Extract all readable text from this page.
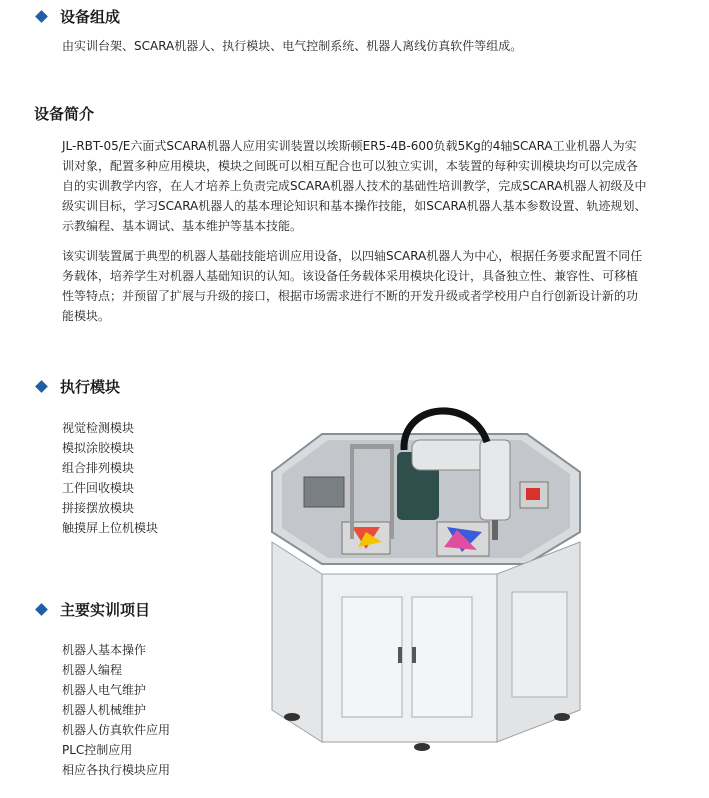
设备组成
由实训台架、SCARA机器人、执行模块、电气控制系统、机器人离线仿真软件等组成。
设备简介
JL-RBT-05/E六面式SCARA机器人应用实训装置以埃斯顿ER5-4B-600负载5Kg的4轴SCARA工业机器人为实训对象，配置多种应用模块，模块之间既可以相互配合也可以独立实训，本装置的每种实训模块均可以完成各自的实训教学内容，在人才培养上负责完成SCARA机器人技术的基础性培训教学，完成SCARA机器人初级及中级实训目标，学习SCARA机器人的基本理论知识和基本操作技能，如SCARA机器人基本参数设置、轨迹规划、示教编程、基本调试、基本维护等基本技能。
该实训装置属于典型的机器人基础技能培训应用设备，以四轴SCARA机器人为中心，根据任务要求配置不同任务载体，培养学生对机器人基础知识的认知。该设备任务载体采用模块化设计，具备独立性、兼容性、可移植性等特点；并预留了扩展与升级的接口，根据市场需求进行不断的开发升级或者学校用户自行创新设计新的功能模块。
执行模块
视觉检测模块
模拟涂胶模块
组合排列模块
工件回收模块
拼接摆放模块
触摸屏上位机模块
主要实训项目
机器人基本操作
机器人编程
机器人电气维护
机器人机械维护
机器人仿真软件应用
PLC控制应用
相应各执行模块应用
